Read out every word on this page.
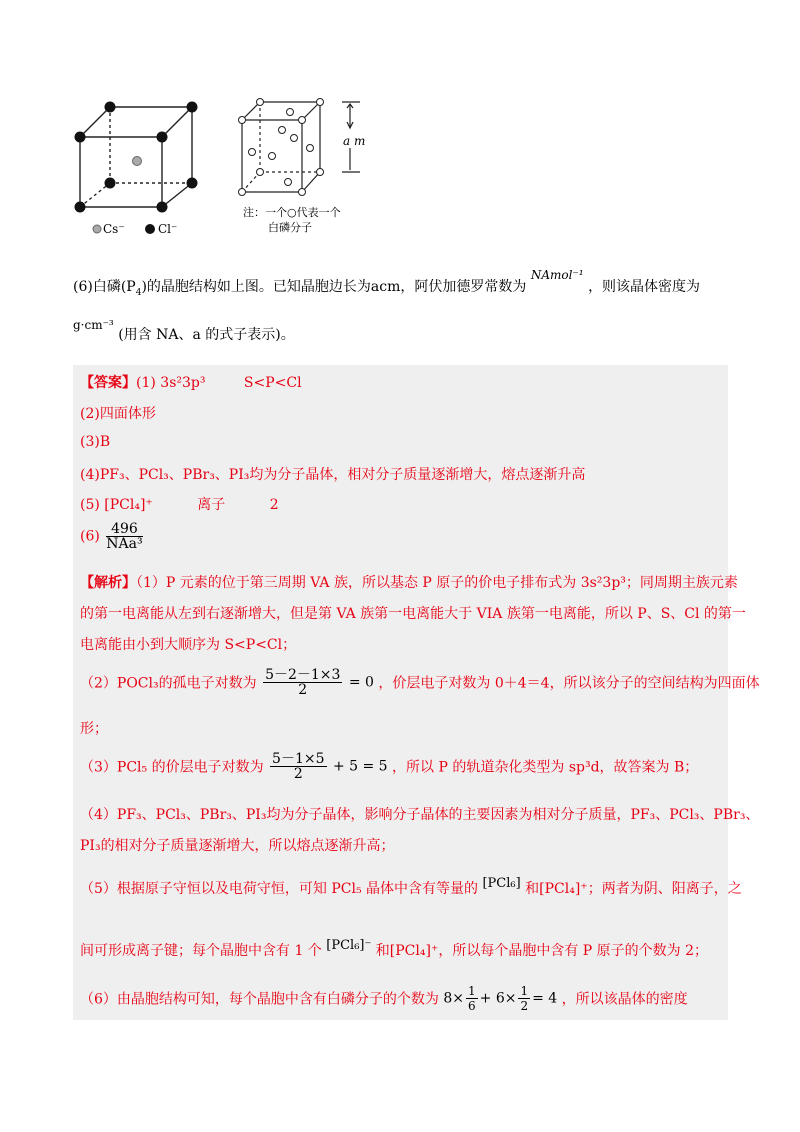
Cs⁻	Cl⁻
a m
注：一个○代表一个
白磷分子
(6)白磷$(P_4)$的晶胞结构如上图。已知晶胞边长为acm，阿伏加德罗常数为 NAmol⁻¹ ，则该晶体密度为
g·cm⁻³ (用含 NA、a 的式子表示)。
【答案】(1) 3s²3p³	S<P<Cl
(2)四面体形
(3)B
(4)PF₃、PCl₃、PBr₃、PI₃均为分子晶体，相对分子质量逐渐增大，熔点逐渐升高
(5) [PCl₄]⁺	离子	2
$(6) \frac{496}{\text{NAa³}}$
【解析】（1）P 元素的位于第三周期 VA 族，所以基态 P 原子的价电子排布式为 3s²3p³；同周期主族元素
的第一电离能从左到右逐渐增大，但是第 VA 族第一电离能大于 VIA 族第一电离能，所以 P、S、Cl 的第一
电离能由小到大顺序为 S<P<Cl；
（2）POCl₃的孤电子对数为 $\frac{5-2-1\times 3}{2} = 0$ ，价层电子对数为 0＋4＝4，所以该分子的空间结构为四面体
形；
（3）PCl₅ 的价层电子对数为 $\frac{5-1\times 5}{2} + 5 = 5$ ，所以 P 的轨道杂化类型为 sp³d，故答案为 B；
（4）PF₃、PCl₃、PBr₃、PI₃均为分子晶体，影响分子晶体的主要因素为相对分子质量，PF₃、PCl₃、PBr₃、
PI₃的相对分子质量逐渐增大，所以熔点逐渐升高；
（5）根据原子守恒以及电荷守恒，可知 PCl₅ 晶体中含有等量的 [PCl₆] 和[PCl₄]⁺；两者为阴、阳离子，之
间可形成离子键；每个晶胞中含有 1 个 [PCl₆]⁻ 和[PCl₄]⁺，所以每个晶胞中含有 P 原子的个数为 2；
（6）由晶胞结构可知，每个晶胞中含有白磷分子的个数为 $8\times \frac{1}{6} + 6\times \frac{1}{2} = 4$ ，所以该晶体的密度
